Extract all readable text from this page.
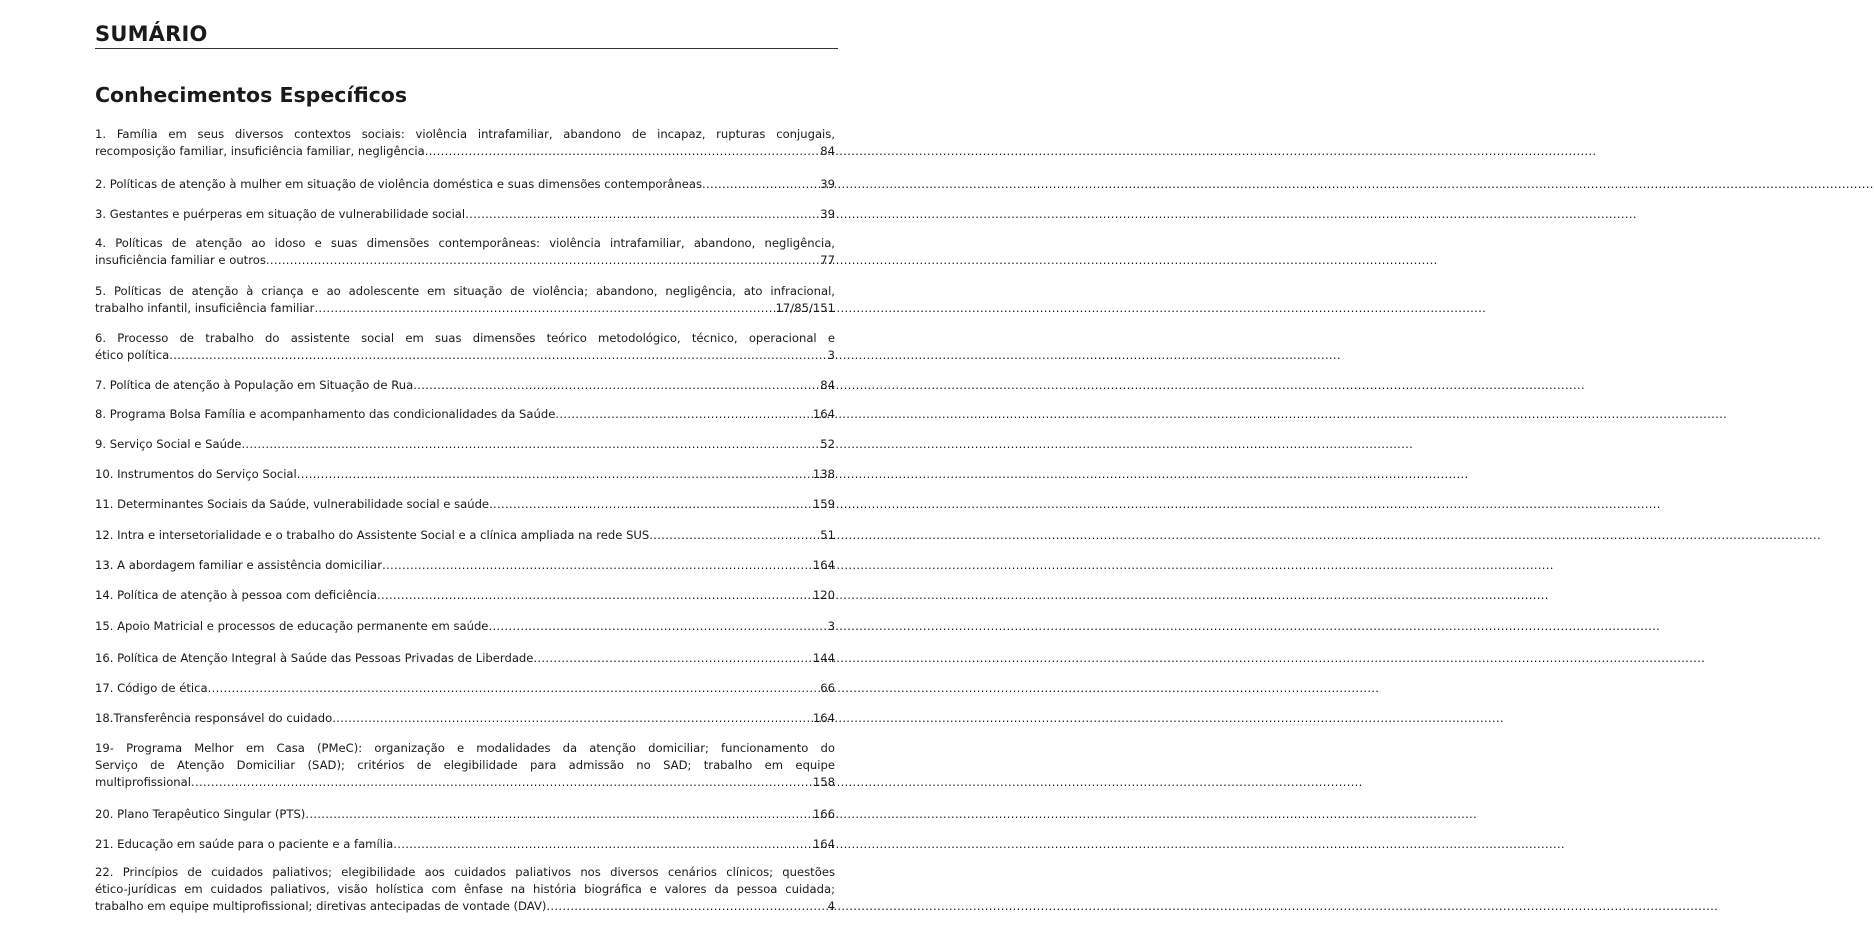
SUMÁRIO
Conhecimentos Específicos
1. Família em seus diversos contextos sociais: violência intrafamiliar, abandono de incapaz, rupturas conjugais,
recomposição familiar, insuficiência familiar, negligência .....	84
2. Políticas de atenção à mulher em situação de violência doméstica e suas dimensões contemporâneas .....	39
3. Gestantes e puérperas em situação de vulnerabilidade social .....	39
4. Políticas de atenção ao idoso e suas dimensões contemporâneas: violência intrafamiliar, abandono, negligência,
insuficiência familiar e outros .....	77
5. Políticas de atenção à criança e ao adolescente em situação de violência; abandono, negligência, ato infracional,
trabalho infantil, insuficiência familiar .....	17/85/151
6. Processo de trabalho do assistente social em suas dimensões teórico metodológico, técnico, operacional e
ético política .....	3
7. Política de atenção à População em Situação de Rua .....	84
8. Programa Bolsa Família e acompanhamento das condicionalidades da Saúde .....	164
9. Serviço Social e Saúde .....	52
10. Instrumentos do Serviço Social .....	138
11. Determinantes Sociais da Saúde, vulnerabilidade social e saúde .....	159
12. Intra e intersetorialidade e o trabalho do Assistente Social e a clínica ampliada na rede SUS .....	51
13. A abordagem familiar e assistência domiciliar .....	164
14. Política de atenção à pessoa com deficiência .....	120
15. Apoio Matricial e processos de educação permanente em saúde .....	3
16. Política de Atenção Integral à Saúde das Pessoas Privadas de Liberdade .....	144
17. Código de ética .....	66
18.Transferência responsável do cuidado .....	164
19- Programa Melhor em Casa (PMeC): organização e modalidades da atenção domiciliar; funcionamento do
Serviço de Atenção Domiciliar (SAD); critérios de elegibilidade para admissão no SAD; trabalho em equipe
multiprofissional .....	158
20. Plano Terapêutico Singular (PTS) .....	166
21. Educação em saúde para o paciente e a família .....	164
22. Princípios de cuidados paliativos; elegibilidade aos cuidados paliativos nos diversos cenários clínicos; questões
ético-jurídicas em cuidados paliativos, visão holística com ênfase na história biográfica e valores da pessoa cuidada;
trabalho em equipe multiprofissional; diretivas antecipadas de vontade (DAV) .....	4
